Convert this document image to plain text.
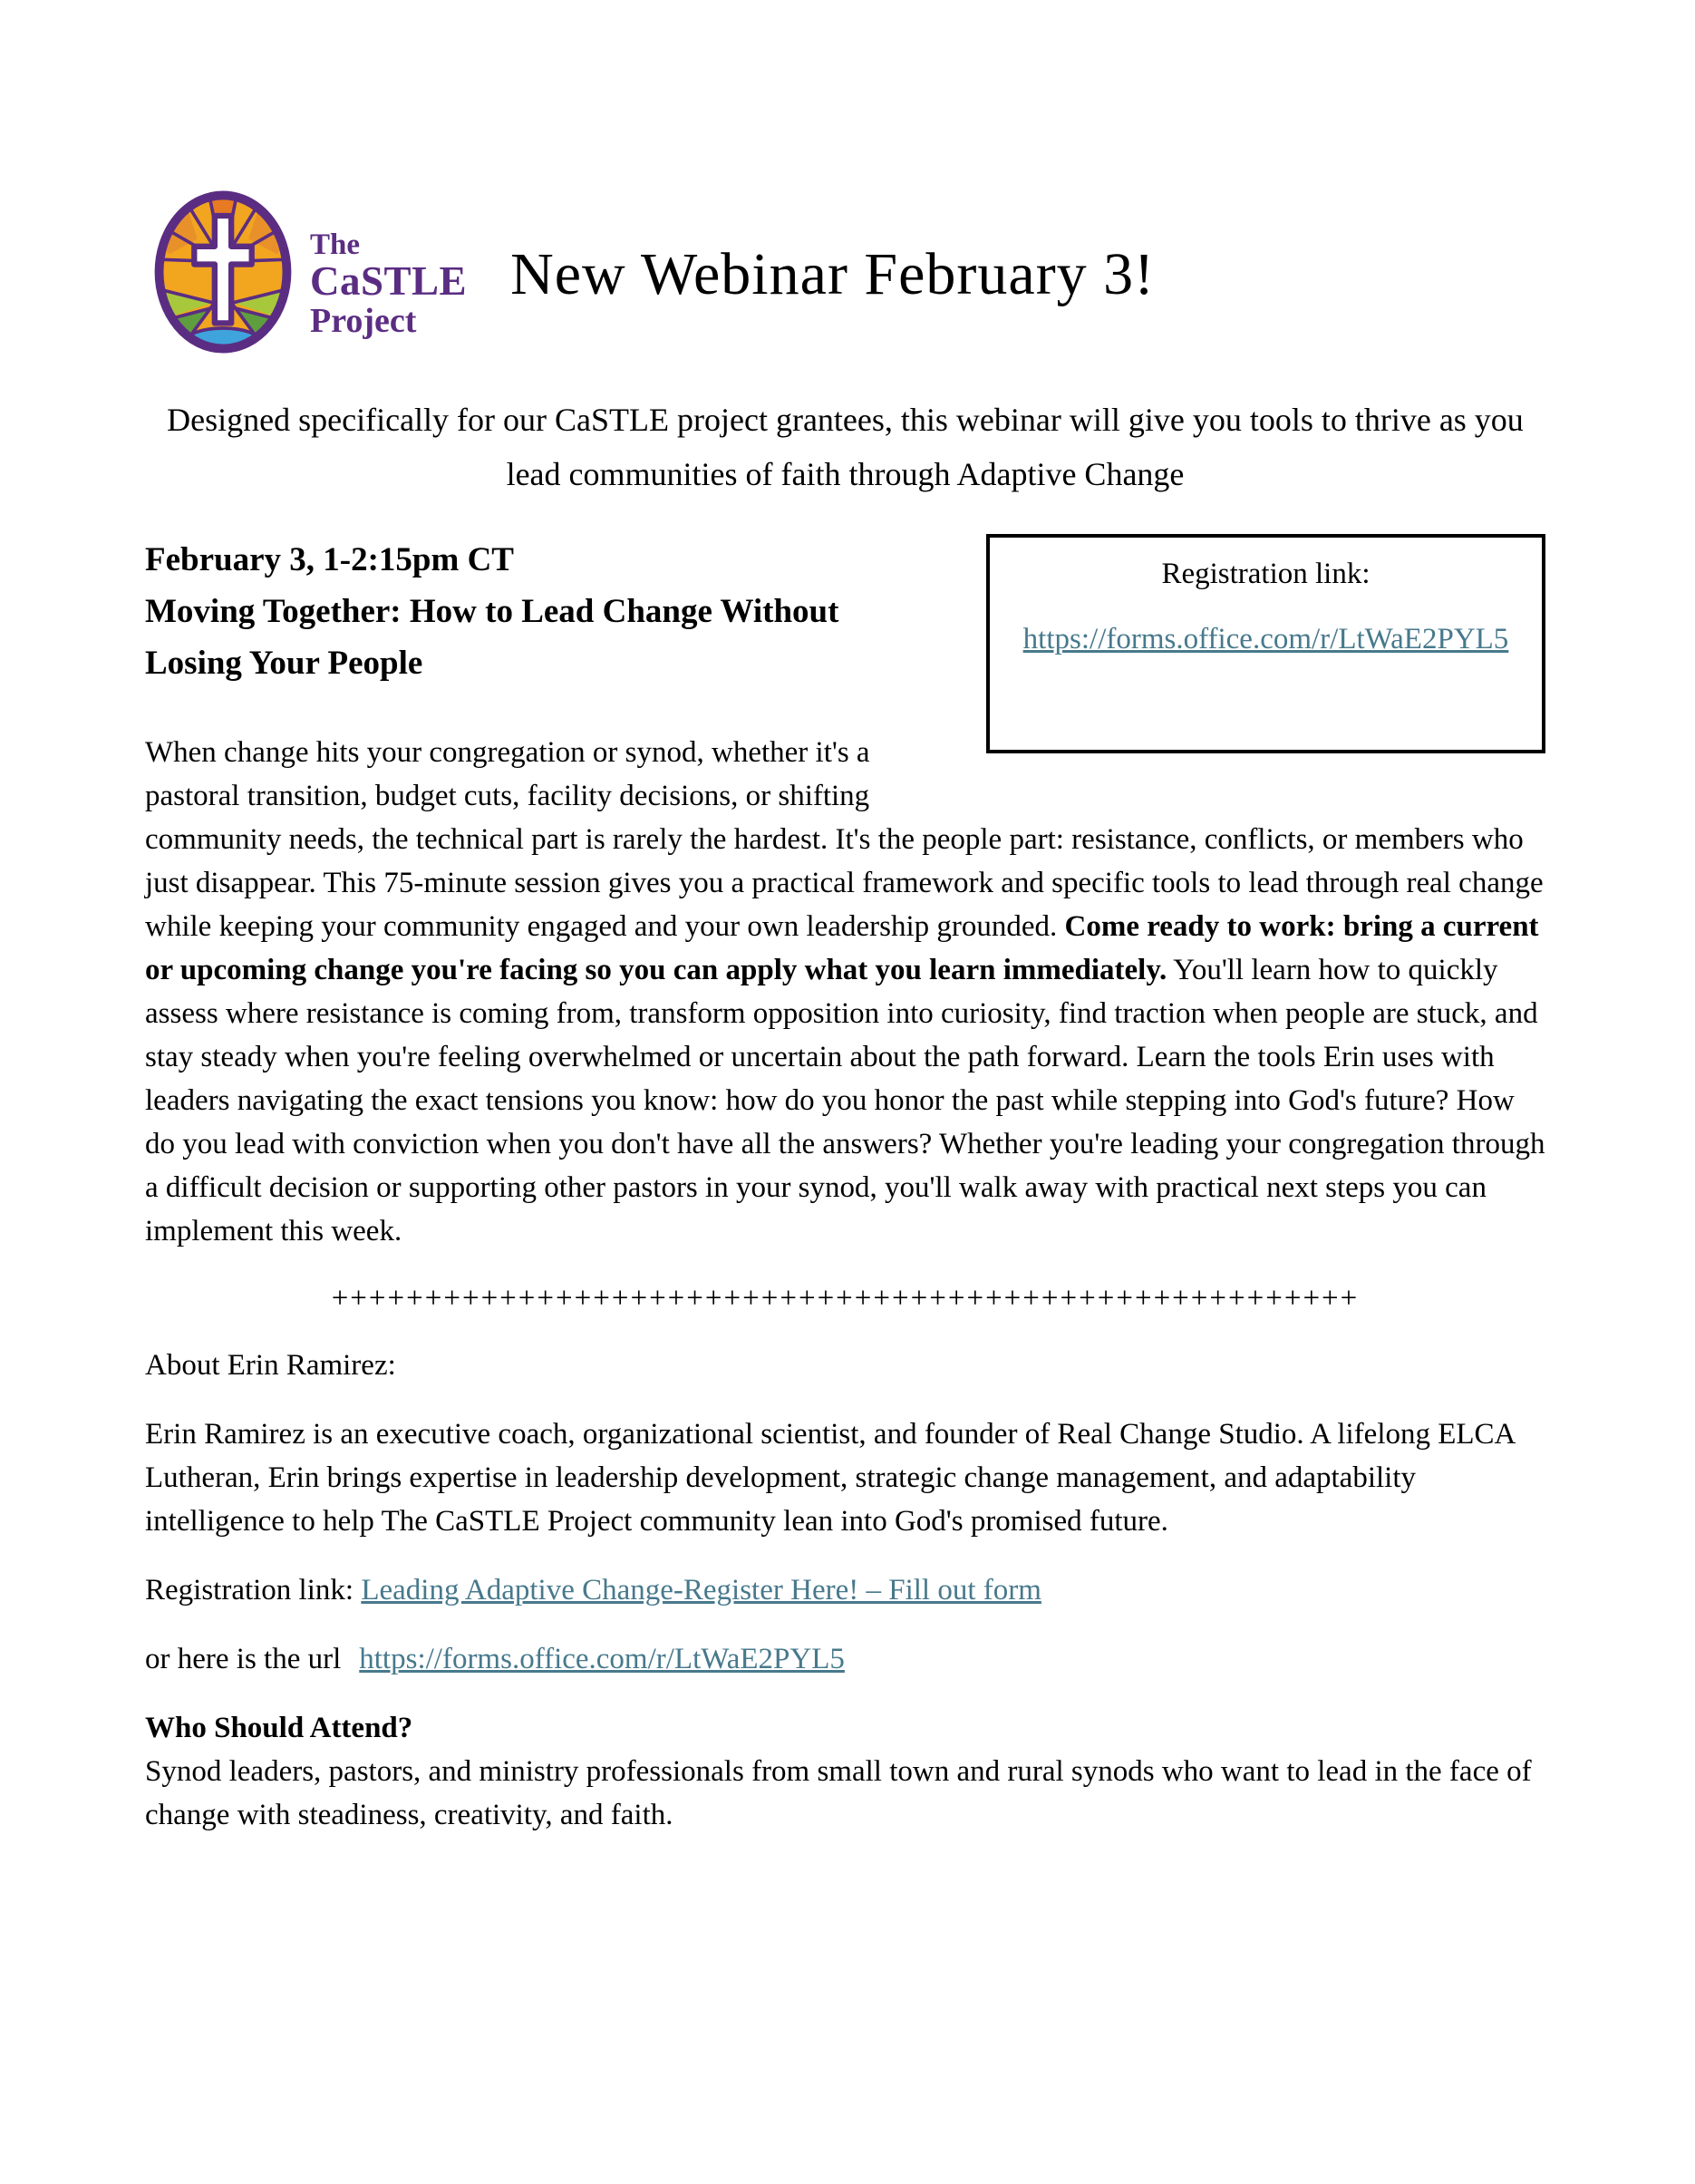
The
CaSTLE
Project
New Webinar February 3!

Designed specifically for our CaSTLE project grantees, this webinar will give you tools to thrive as you lead communities of faith through Adaptive Change

Registration link:
https://forms.office.com/r/LtWaE2PYL5
February 3, 1-2:15pm CT
Moving Together: How to Lead Change Without Losing Your People

When change hits your congregation or synod, whether it's a pastoral transition, budget cuts, facility decisions, or shifting community needs, the technical part is rarely the hardest. It's the people part: resistance, conflicts, or members who just disappear. This 75-minute session gives you a practical framework and specific tools to lead through real change while keeping your community engaged and your own leadership grounded. Come ready to work: bring a current or upcoming change you're facing so you can apply what you learn immediately. You'll learn how to quickly assess where resistance is coming from, transform opposition into curiosity, find traction when people are stuck, and stay steady when you're feeling overwhelmed or uncertain about the path forward. Learn the tools Erin uses with leaders navigating the exact tensions you know: how do you honor the past while stepping into God's future? How do you lead with conviction when you don't have all the answers? Whether you're leading your congregation through a difficult decision or supporting other pastors in your synod, you'll walk away with practical next steps you can implement this week.

+++++++++++++++++++++++++++++++++++++++++++++++++++++++

About Erin Ramirez:

Erin Ramirez is an executive coach, organizational scientist, and founder of Real Change Studio. A lifelong ELCA Lutheran, Erin brings expertise in leadership development, strategic change management, and adaptability intelligence to help The CaSTLE Project community lean into God's promised future.

Registration link: Leading Adaptive Change-Register Here! – Fill out form

or here is the url https://forms.office.com/r/LtWaE2PYL5

Who Should Attend?
Synod leaders, pastors, and ministry professionals from small town and rural synods who want to lead in the face of change with steadiness, creativity, and faith.
